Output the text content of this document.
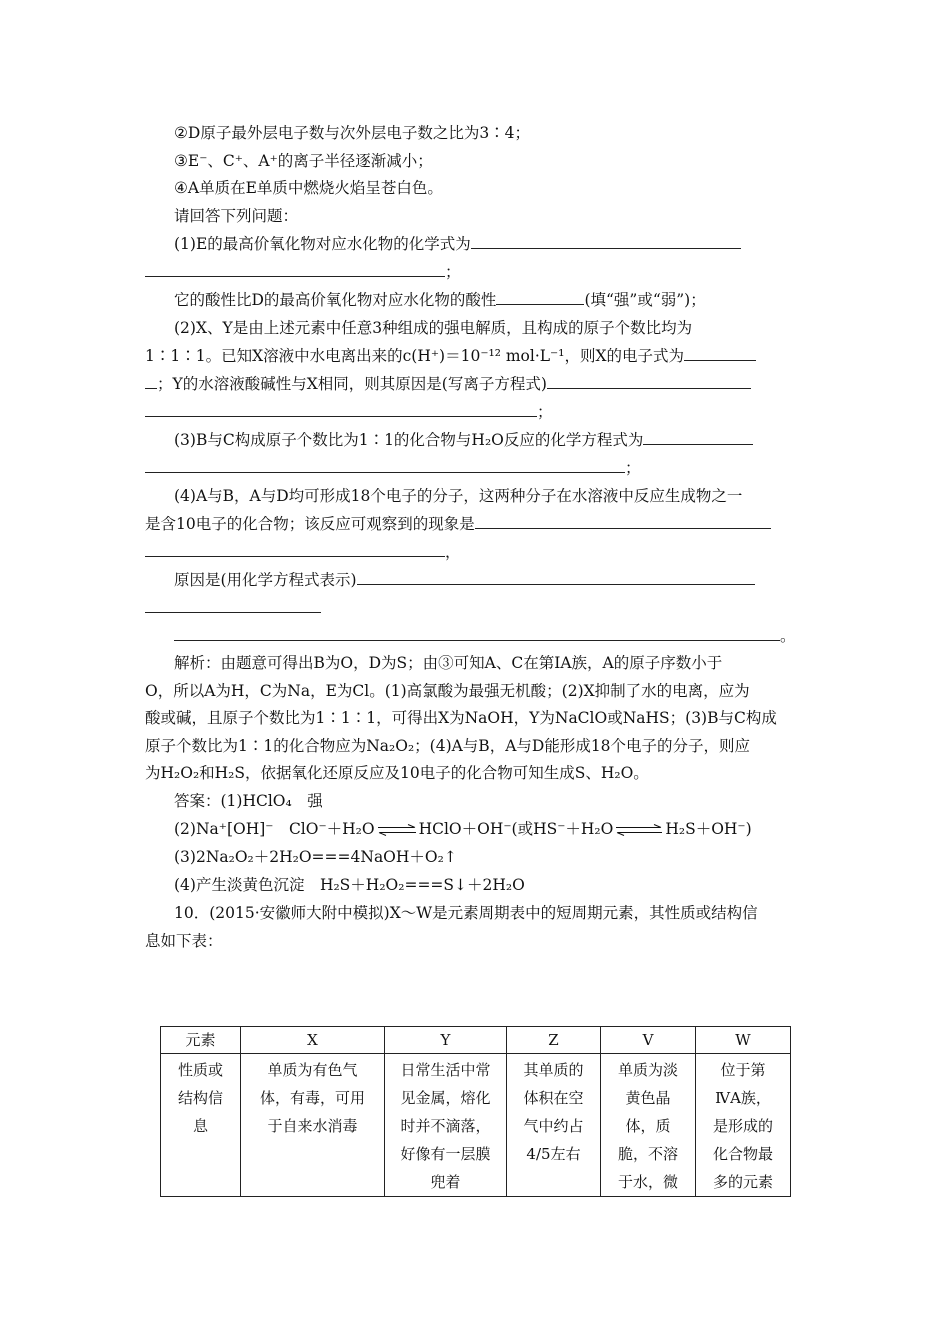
②D原子最外层电子数与次外层电子数之比为3∶4；
③E⁻、C⁺、A⁺的离子半径逐渐减小；
④A单质在E单质中燃烧火焰呈苍白色。
请回答下列问题：
(1)E的最高价氧化物对应水化物的化学式为
；
它的酸性比D的最高价氧化物对应水化物的酸性	(填“强”或“弱”)；
(2)X、Y是由上述元素中任意3种组成的强电解质，且构成的原子个数比均为
1∶1∶1。已知X溶液中水电离出来的c(H⁺)＝10⁻¹² mol·L⁻¹，则X的电子式为
；Y的水溶液酸碱性与X相同，则其原因是(写离子方程式)
；
(3)B与C构成原子个数比为1∶1的化合物与H₂O反应的化学方程式为
；
(4)A与B，A与D均可形成18个电子的分子，这两种分子在水溶液中反应生成物之一
是含10电子的化合物；该反应可观察到的现象是
，
原因是(用化学方程式表示)
。
解析：由题意可得出B为O，D为S；由③可知A、C在第ⅠA族，A的原子序数小于
O，所以A为H，C为Na，E为Cl。(1)高氯酸为最强无机酸；(2)X抑制了水的电离，应为
酸或碱，且原子个数比为1∶1∶1，可得出X为NaOH，Y为NaClO或NaHS；(3)B与C构成
原子个数比为1∶1的化合物应为Na₂O₂；(4)A与B，A与D能形成18个电子的分子，则应
为H₂O₂和H₂S，依据氧化还原反应及10电子的化合物可知生成S、H₂O。
答案：(1)HClO₄　强
(2)Na⁺[OH]⁻　ClO⁻＋H₂O ⇌ HClO＋OH⁻(或HS⁻＋H₂O ⇌ H₂S＋OH⁻)
(3)2Na₂O₂＋2H₂O===4NaOH＋O₂↑
(4)产生淡黄色沉淀　H₂S＋H₂O₂===S↓＋2H₂O
10．(2015·安徽师大附中模拟)X～W是元素周期表中的短周期元素，其性质或结构信
息如下表：
元素	X	Y	Z	V	W

性质或
结构信
息	单质为有色气
体，有毒，可用
于自来水消毒	日常生活中常
见金属，熔化
时并不滴落，
好像有一层膜
兜着	其单质的
体积在空
气中约占
4/5左右	单质为淡
黄色晶
体，质
脆，不溶
于水，微	位于第
ⅣA族，
是形成的
化合物最
多的元素
